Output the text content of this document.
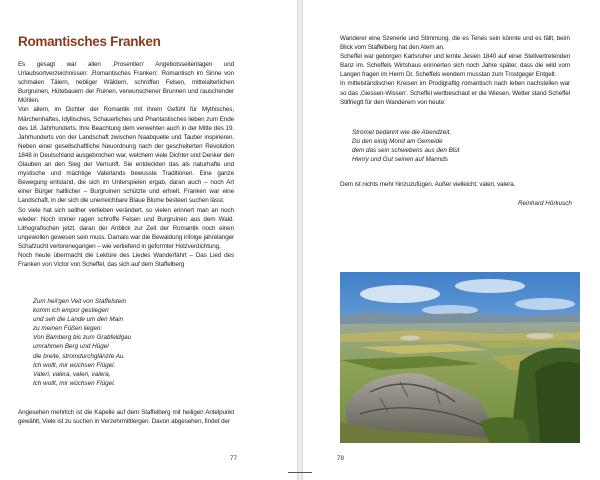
Romantisches Franken

Es gesagt war allen ‚Proseniten‘ Angebotsseitenlagen und Urlaubsortverzeichnissen: ‚Romantisches Franken‘. Romantisch im Sinne von schmalen Tälern, nebliger Wäldern, schroffen Felsen, mittelalterlichen Burgruinen, Hütebauern der Ruinen, verwunschener Brunnen und rauschender Mühlen.

Von allem, im Dichter der Romantik mit ihrem Gefühl für Mythisches, Märchenhaftes, Idyllisches, Schauerliches und Phantastisches lieben zum Ende des 18. Jahrhunderts. Ihre Beachtung dem verwehten auch in der Mitte des 19. Jahrhunderts von der Landschaft zwischen Naabquelle und Tauber inspirieren. Neben einer gesellschaftliche Neuordnung nach der gescheiterten Revolution 1848 in Deutschland ausgebrochen war, welchem viele Dichter und Denker den Glauben an den Sieg der Vernunft. Sie entdeckten das als naturhafte und mystische und mächtige Vaterlands bewusste Traditionen. Eine ganze Bewegung entstand, die sich im Unterspielen ergab, daran auch – noch Art einer Bürger haltlicher – Burgruinen schützte und erhielt. Franken war eine Landschaft, in der sich die unerreichbare Blaue Blume besteen suchen lässt.

So viele hat sich seither verlieben verändert, so vielen erinnert man an noch wieder: Noch immer ragen schroffe Felsen und Burgruinen aus dem Wald. Lithografischen jetzt, daran der Anblick zur Zeit der Romantik noch einen ungewollen gewesen sein muss. Damals war die Bewaldung infolge jahrelanger Schafzucht verlorenegangen – wie vertiefend in geformter Holzverdichtung.

Noch heute übermacht die Lektüre des Liedes Wanderfahrt – Das Lied des Franken von Victor von Scheffel, das sich auf dem Staffelberg

Zum heil'gen Veit von Staffelstein
komm ich empor gestiegen
und seh die Lande um den Main
zu meinen Füßen liegen:
Von Bamberg bis zum Grabfeldgau
umrahmen Berg und Hügel
die breite, stromdurchglänzte Au.
Ich wollt, mir wüchsen Flügel.
Valeri, valera, valeri, valera,
Ich wollt, mir wüchsen Flügel.
Angesehen mehrlich ist die Kapelle auf dem Staffelberg mit heiligen Antelpunkt gewählt, Viele ist zu suchen in Verzehrmittlergen. Davon abgesehen, findet der
77
Wanderer eine Szenerie und Stimmung, die es Tenes sein könnte und es fällt, beim Blick vom Staffelberg hat den Atem an.
Scheffel war geborgen Karlsruher und lernte Jesien 1840 auf einer Stellvertretenden Banz im. Scheffels Wirtshaus erinnerten sich noch Jahre später, dass die wild vom Langen fragen im Herrn Dr. Scheffels wendern musstan zum Trostgeger Entgelt.
In mittelständischen Kreisen im Prodigraftig romantisch nach leben nachstellen war so das ‚Giessen-Wissen‘. Scheffel wertbeschaut er die Wiesen. Wetter stand Scheffel Stilfriegtt für den Wanderern von heute:
Stromet bedannt wie die Abendzeit,
Du den einig Mond am Gemeide
dem das sein schwebens aus den Blüt
Henry und Gut seinen auf Mannds
Dem ist nichts mehr hinzuzufügen. Außer vielleicht: valeri, valera.
Reinhard Hörkusch
78
